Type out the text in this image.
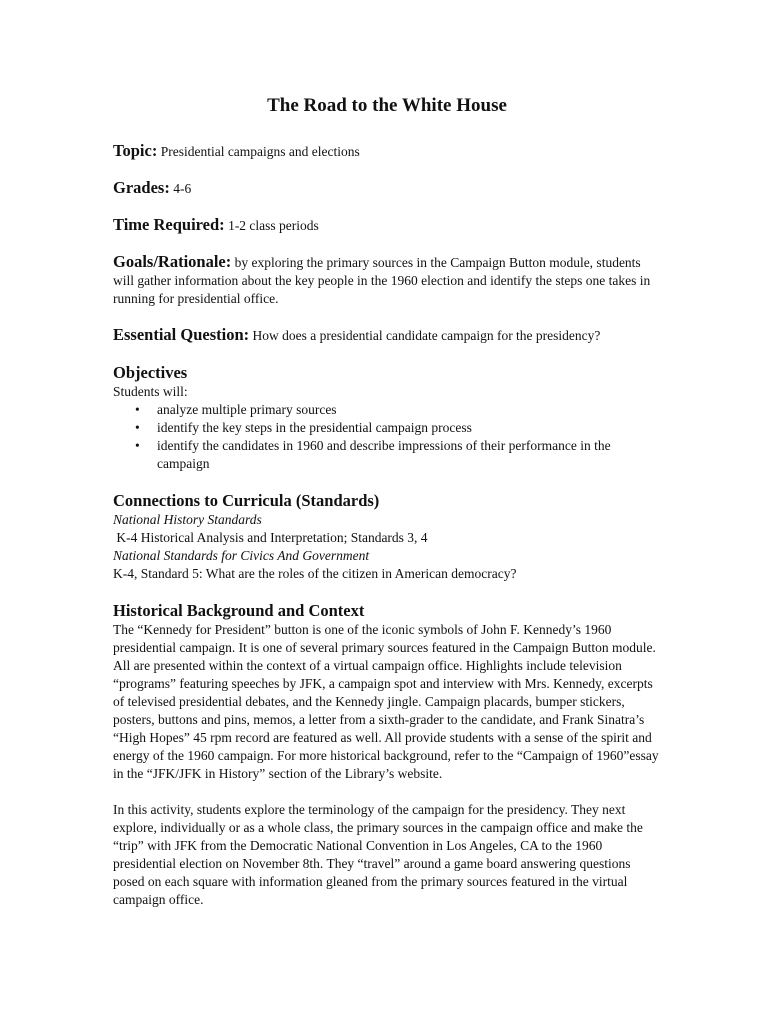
The Road to the White House

Topic: Presidential campaigns and elections

Grades: 4-6

Time Required: 1-2 class periods

Goals/Rationale: by exploring the primary sources in the Campaign Button module, students will gather information about the key people in the 1960 election and identify the steps one takes in running for presidential office.

Essential Question: How does a presidential candidate campaign for the presidency?

Objectives

Students will:

• analyze multiple primary sources
• identify the key steps in the presidential campaign process
• identify the candidates in 1960 and describe impressions of their performance in the campaign
Connections to Curricula (Standards)

National History Standards

K-4 Historical Analysis and Interpretation; Standards 3, 4

National Standards for Civics And Government

K-4, Standard 5: What are the roles of the citizen in American democracy?

Historical Background and Context

The “Kennedy for President” button is one of the iconic symbols of John F. Kennedy’s 1960 presidential campaign. It is one of several primary sources featured in the Campaign Button module. All are presented within the context of a virtual campaign office. Highlights include television “programs” featuring speeches by JFK, a campaign spot and interview with Mrs. Kennedy, excerpts of televised presidential debates, and the Kennedy jingle. Campaign placards, bumper stickers, posters, buttons and pins, memos, a letter from a sixth-grader to the candidate, and Frank Sinatra’s “High Hopes” 45 rpm record are featured as well. All provide students with a sense of the spirit and energy of the 1960 campaign. For more historical background, refer to the “Campaign of 1960”essay in the “JFK/JFK in History” section of the Library’s website.

In this activity, students explore the terminology of the campaign for the presidency. They next explore, individually or as a whole class, the primary sources in the campaign office and make the “trip” with JFK from the Democratic National Convention in Los Angeles, CA to the 1960 presidential election on November 8th. They “travel” around a game board answering questions posed on each square with information gleaned from the primary sources featured in the virtual campaign office.
